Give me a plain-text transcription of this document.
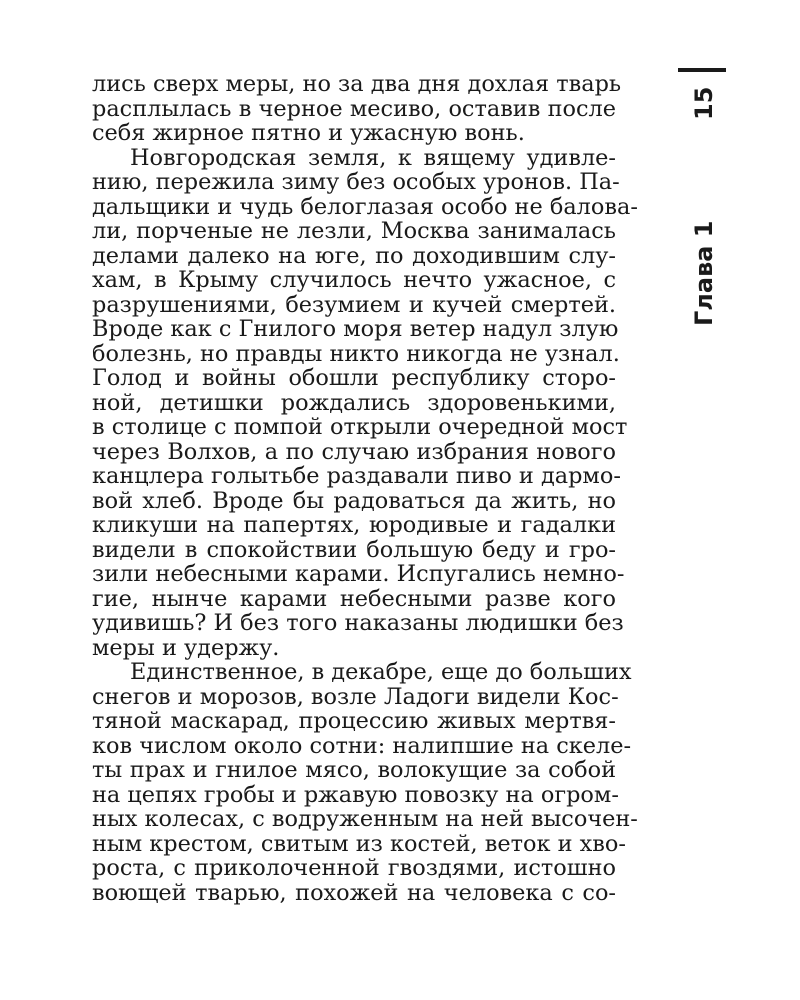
лись сверх меры, но за два дня дохлая тварь
расплылась в черное месиво, оставив после
себя жирное пятно и ужасную вонь.
Новгородская земля, к вящему удивле-
нию, пережила зиму без особых уронов. Па-
дальщики и чудь белоглазая особо не балова-
ли, порченые не лезли, Москва занималась
делами далеко на юге, по доходившим слу-
хам, в Крыму случилось нечто ужасное, с
разрушениями, безумием и кучей смертей.
Вроде как с Гнилого моря ветер надул злую
болезнь, но правды никто никогда не узнал.
Голод и войны обошли республику сторо-
ной, детишки рождались здоровенькими,
в столице с помпой открыли очередной мост
через Волхов, а по случаю избрания нового
канцлера голытьбе раздавали пиво и дармо-
вой хлеб. Вроде бы радоваться да жить, но
кликуши на папертях, юродивые и гадалки
видели в спокойствии большую беду и гро-
зили небесными карами. Испугались немно-
гие, нынче карами небесными разве кого
удивишь? И без того наказаны людишки без
меры и удержу.
Единственное, в декабре, еще до больших
снегов и морозов, возле Ладоги видели Кос-
тяной маскарад, процессию живых мертвя-
ков числом около сотни: налипшие на скеле-
ты прах и гнилое мясо, волокущие за собой
на цепях гробы и ржавую повозку на огром-
ных колесах, с водруженным на ней высочен-
ным крестом, свитым из костей, веток и хво-
роста, с приколоченной гвоздями, истошно
воющей тварью, похожей на человека с со-
15
Глава 1
